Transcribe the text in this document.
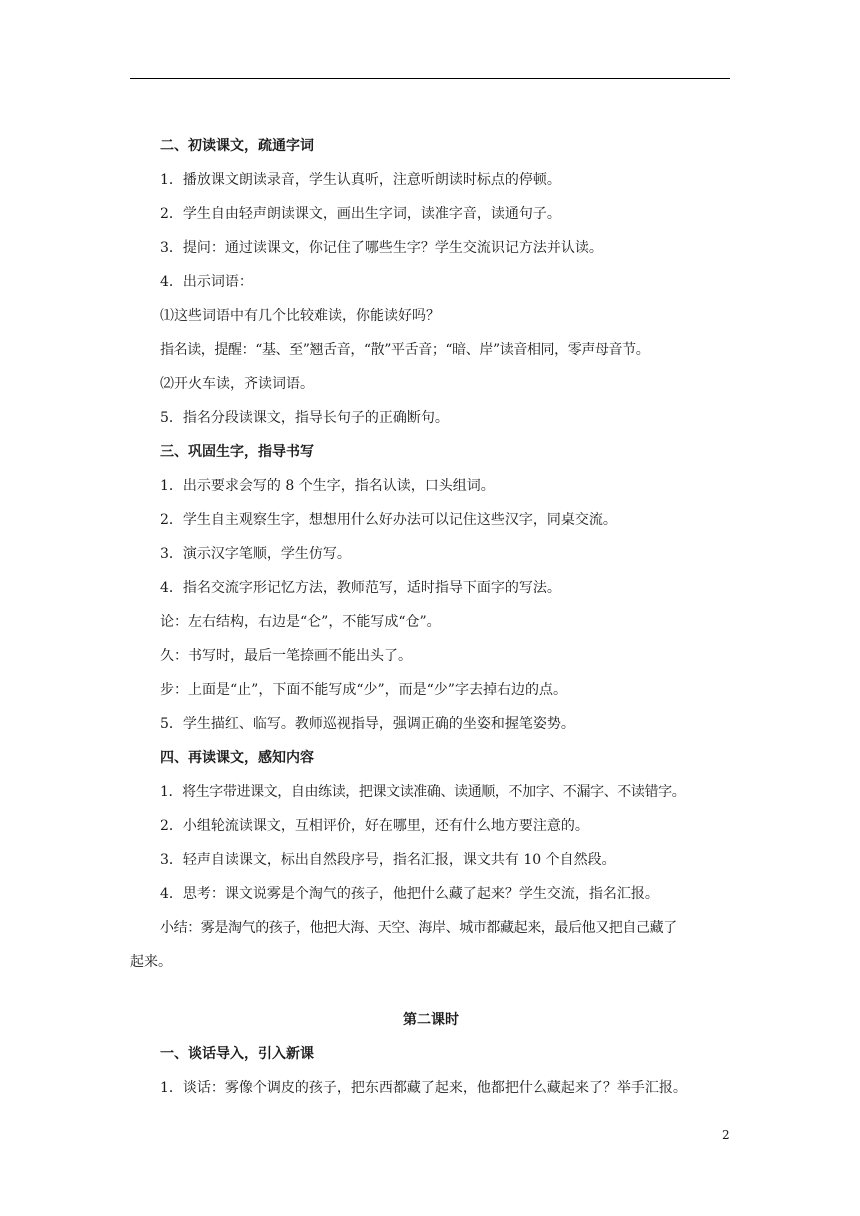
二、初读课文，疏通字词
1．播放课文朗读录音，学生认真听，注意听朗读时标点的停顿。
2．学生自由轻声朗读课文，画出生字词，读准字音，读通句子。
3．提问：通过读课文，你记住了哪些生字？学生交流识记方法并认读。
4．出示词语：
⑴这些词语中有几个比较难读，你能读好吗？
指名读，提醒：“基、至”翘舌音，“散”平舌音；“暗、岸”读音相同，零声母音节。
⑵开火车读，齐读词语。
5．指名分段读课文，指导长句子的正确断句。
三、巩固生字，指导书写
1．出示要求会写的 8 个生字，指名认读，口头组词。
2．学生自主观察生字，想想用什么好办法可以记住这些汉字，同桌交流。
3．演示汉字笔顺，学生仿写。
4．指名交流字形记忆方法，教师范写，适时指导下面字的写法。
论：左右结构，右边是“仑”，不能写成“仓”。
久：书写时，最后一笔捺画不能出头了。
步：上面是“止”，下面不能写成“少”，而是“少”字去掉右边的点。
5．学生描红、临写。教师巡视指导，强调正确的坐姿和握笔姿势。
四、再读课文，感知内容
1．将生字带进课文，自由练读，把课文读准确、读通顺，不加字、不漏字、不读错字。
2．小组轮流读课文，互相评价，好在哪里，还有什么地方要注意的。
3．轻声自读课文，标出自然段序号，指名汇报，课文共有 10 个自然段。
4．思考：课文说雾是个淘气的孩子，他把什么藏了起来？学生交流，指名汇报。
小结：雾是淘气的孩子，他把大海、天空、海岸、城市都藏起来，最后他又把自己藏了
起来。
第二课时
一、谈话导入，引入新课
1．谈话：雾像个调皮的孩子，把东西都藏了起来，他都把什么藏起来了？举手汇报。
2
